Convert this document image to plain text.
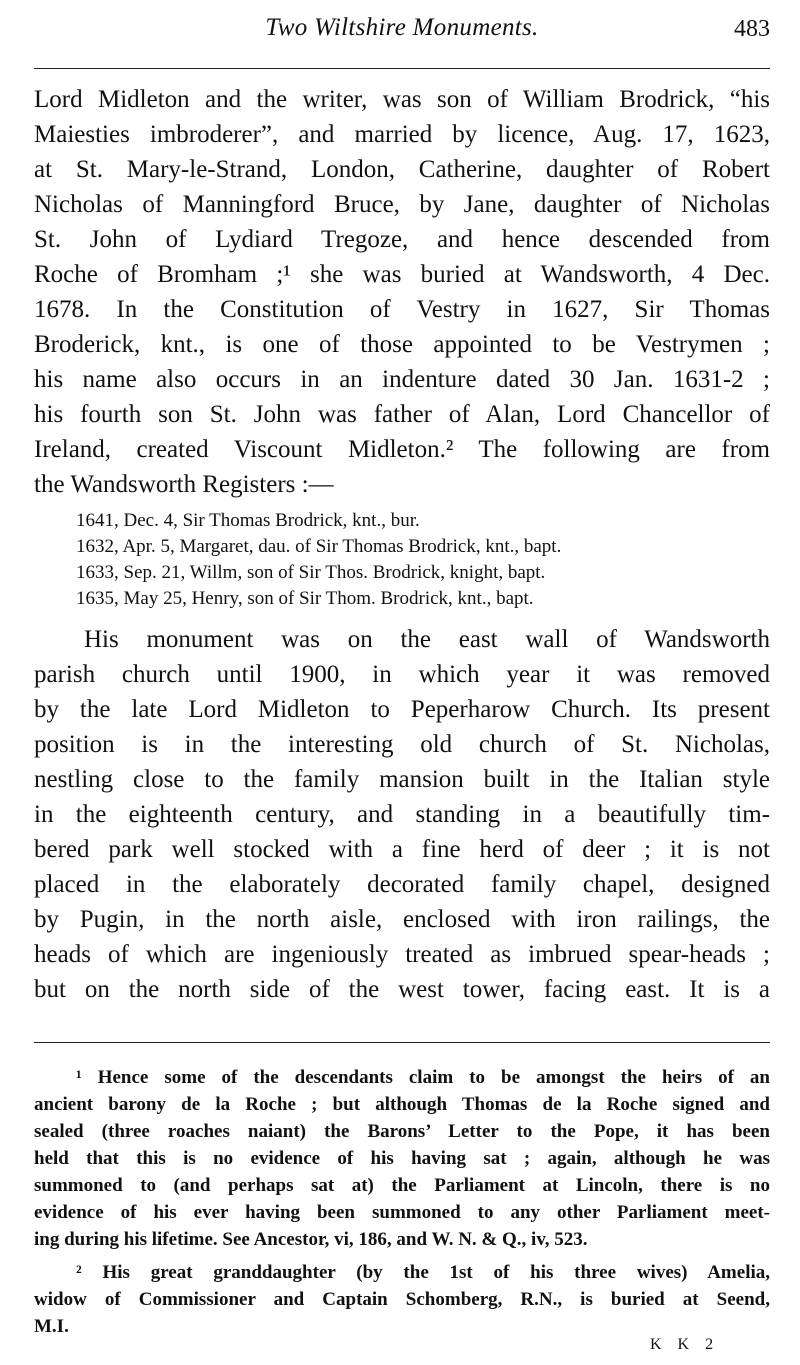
Two Wiltshire Monuments.	483
Lord Midleton and the writer, was son of William Brodrick, “his
Maiesties imbroderer”, and married by licence, Aug. 17, 1623,
at St. Mary-le-Strand, London, Catherine, daughter of Robert
Nicholas of Manningford Bruce, by Jane, daughter of Nicholas
St. John of Lydiard Tregoze, and hence descended from
Roche of Bromham ;¹ she was buried at Wandsworth, 4 Dec.
1678. In the Constitution of Vestry in 1627, Sir Thomas
Broderick, knt., is one of those appointed to be Vestrymen ;
his name also occurs in an indenture dated 30 Jan. 1631-2 ;
his fourth son St. John was father of Alan, Lord Chancellor of
Ireland, created Viscount Midleton.² The following are from
the Wandsworth Registers :—
1641, Dec. 4, Sir Thomas Brodrick, knt., bur.
1632, Apr. 5, Margaret, dau. of Sir Thomas Brodrick, knt., bapt.
1633, Sep. 21, Willm, son of Sir Thos. Brodrick, knight, bapt.
1635, May 25, Henry, son of Sir Thom. Brodrick, knt., bapt.
His monument was on the east wall of Wandsworth
parish church until 1900, in which year it was removed
by the late Lord Midleton to Peperharow Church. Its present
position is in the interesting old church of St. Nicholas,
nestling close to the family mansion built in the Italian style
in the eighteenth century, and standing in a beautifully tim-
bered park well stocked with a fine herd of deer ; it is not
placed in the elaborately decorated family chapel, designed
by Pugin, in the north aisle, enclosed with iron railings, the
heads of which are ingeniously treated as imbrued spear-heads ;
but on the north side of the west tower, facing east. It is a
¹ Hence some of the descendants claim to be amongst the heirs of an
ancient barony de la Roche ; but although Thomas de la Roche signed and
sealed (three roaches naiant) the Barons’ Letter to the Pope, it has been
held that this is no evidence of his having sat ; again, although he was
summoned to (and perhaps sat at) the Parliament at Lincoln, there is no
evidence of his ever having been summoned to any other Parliament meet-
ing during his lifetime. See Ancestor, vi, 186, and W. N. & Q., iv, 523.
² His great granddaughter (by the 1st of his three wives) Amelia,
widow of Commissioner and Captain Schomberg, R.N., is buried at Seend,
M.I.
K K 2
